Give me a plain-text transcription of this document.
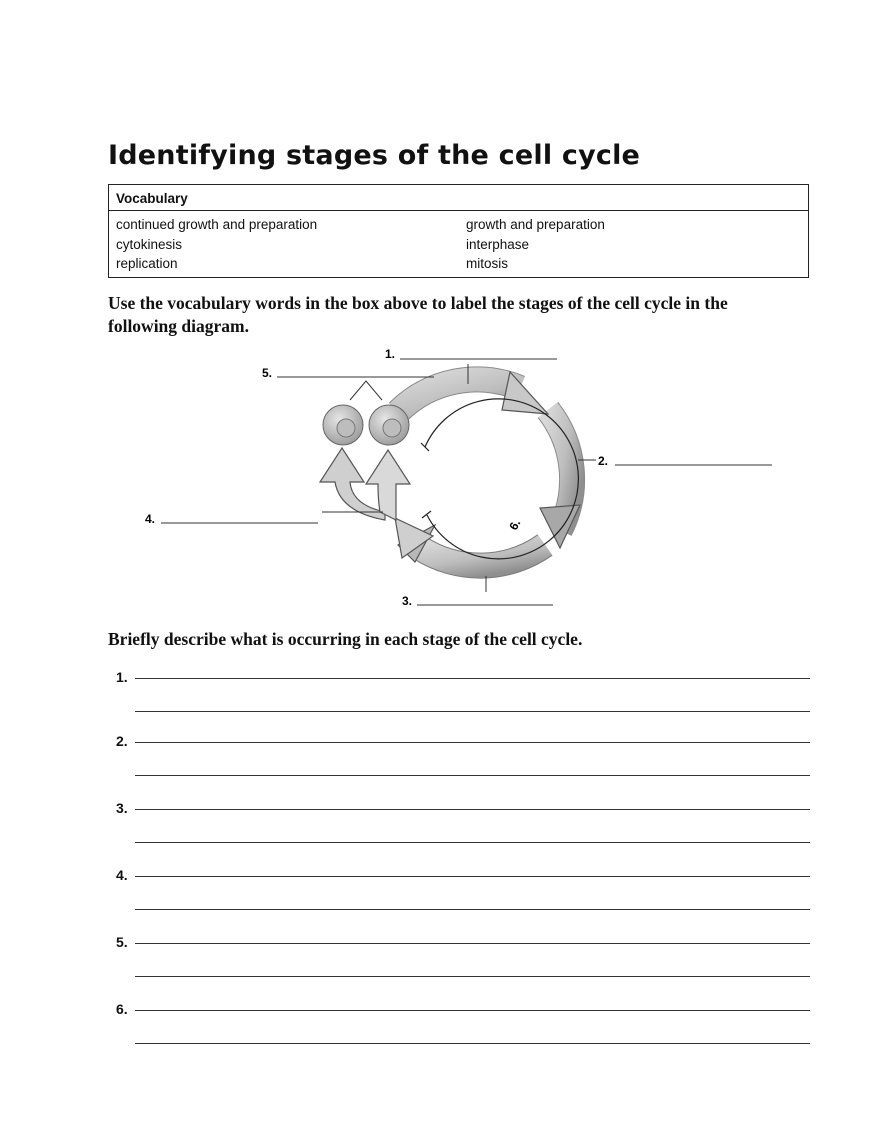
Identifying stages of the cell cycle
Vocabulary
continued growth and preparation
cytokinesis
replication
growth and preparation
interphase
mitosis

Use the vocabulary words in the box above to label the stages of the cell cycle in the following diagram.

1.
2.
3.
4.
5.
6.

Briefly describe what is occurring in each stage of the cell cycle.

1.
2.
3.
4.
5.
6.
